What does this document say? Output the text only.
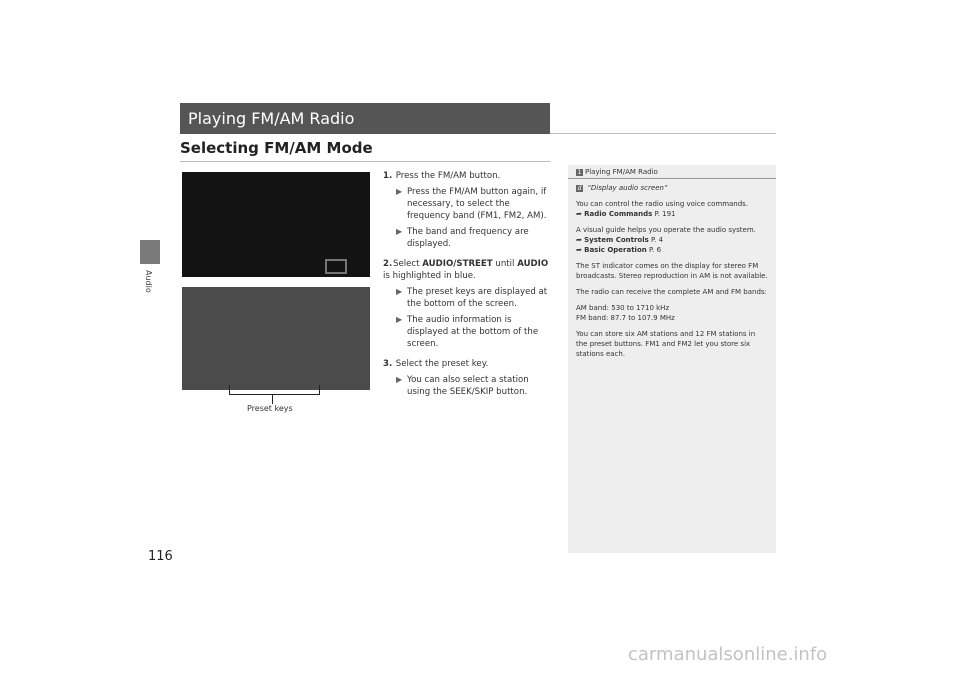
Audio
Playing FM/AM Radio
Selecting FM/AM Mode
Preset keys
1. Press the FM/AM button.
▶ Press the FM/AM button again, if necessary, to select the frequency band (FM1, FM2, AM).
▶ The band and frequency are displayed.
2.Select AUDIO/STREET until AUDIO is highlighted in blue.
▶ The preset keys are displayed at the bottom of the screen.
▶ The audio information is displayed at the bottom of the screen.
3. Select the preset key.
▶ You can also select a station using the SEEK/SKIP button.
1 Playing FM/AM Radio
d “Display audio screen”

You can control the radio using voice commands.
➦ Radio Commands P. 191

A visual guide helps you operate the audio system.
➦ System Controls P. 4
➦ Basic Operation P. 6

The ST indicator comes on the display for stereo FM broadcasts. Stereo reproduction in AM is not available.

The radio can receive the complete AM and FM bands:

AM band: 530 to 1710 kHz
FM band: 87.7 to 107.9 MHz

You can store six AM stations and 12 FM stations in the preset buttons. FM1 and FM2 let you store six stations each.

116
carmanualsonline.info
